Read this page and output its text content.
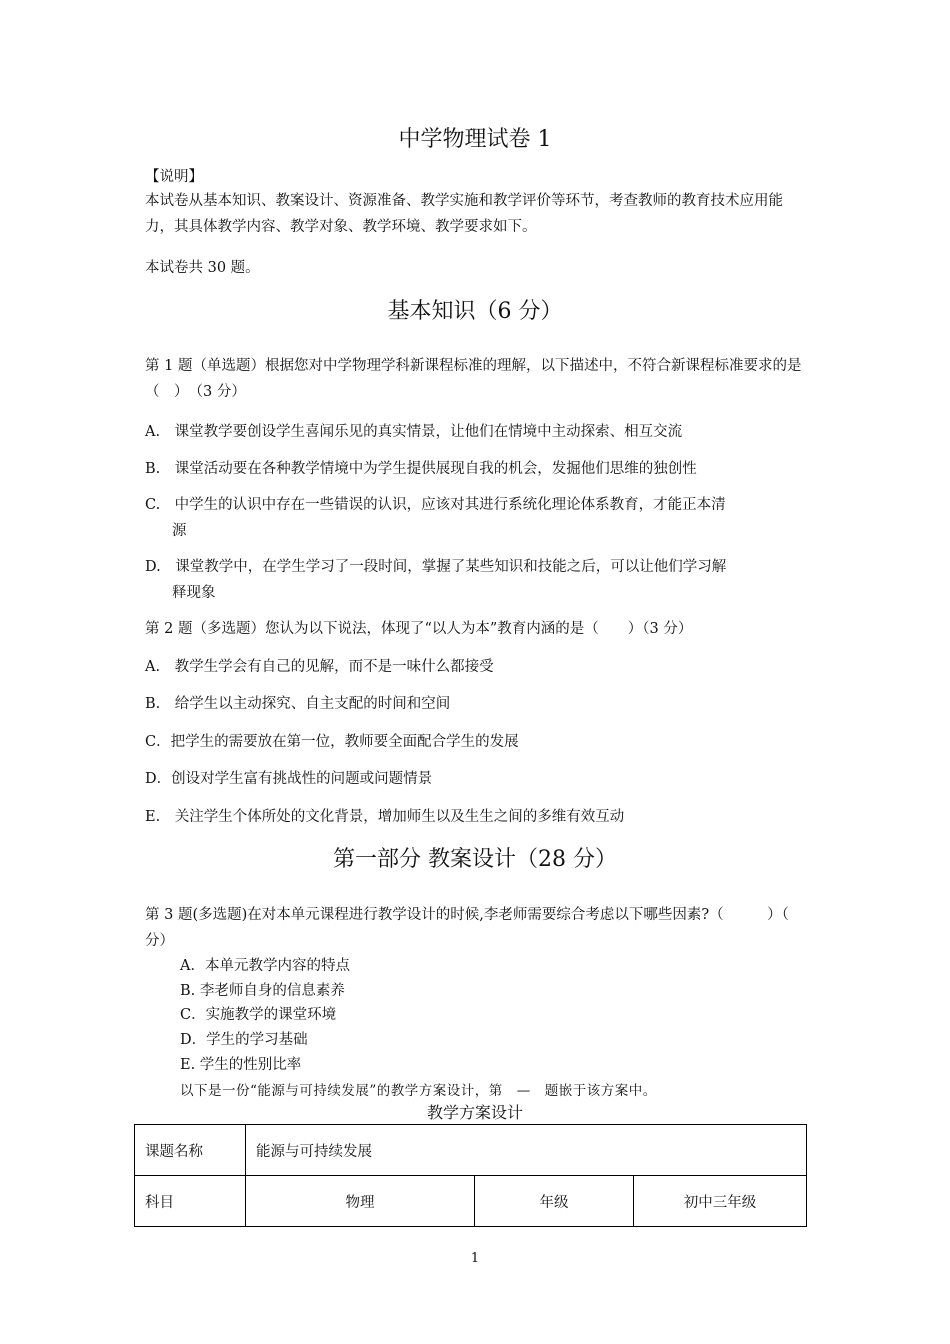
中学物理试卷 1
【说明】
本试卷从基本知识、教案设计、资源准备、教学实施和教学评价等环节，考查教师的教育技术应用能力，其具体教学内容、教学对象、教学环境、教学要求如下。
本试卷共 30 题。
基本知识（6 分）
第 1 题（单选题）根据您对中学物理学科新课程标准的理解，以下描述中，不符合新课程标准要求的是（　）　（3 分）
A.　课堂教学要创设学生喜闻乐见的真实情景，让他们在情境中主动探索、相互交流
B.　课堂活动要在各种教学情境中为学生提供展现自我的机会，发掘他们思维的独创性
C.　中学生的认识中存在一些错误的认识，应该对其进行系统化理论体系教育，才能正本清
源
D.　课堂教学中，在学生学习了一段时间，掌握了某些知识和技能之后，可以让他们学习解
释现象
第 2 题（多选题）您认为以下说法，体现了“以人为本”教育内涵的是（　　）（3 分）
A.　教学生学会有自己的见解，而不是一味什么都接受
B.　给学生以主动探究、自主支配的时间和空间
C．把学生的需要放在第一位，教师要全面配合学生的发展
D．创设对学生富有挑战性的问题或问题情景
E.　关注学生个体所处的文化背景，增加师生以及生生之间的多维有效互动
第一部分 教案设计（28 分）
第 3 题(多选题)在对本单元课程进行教学设计的时候,李老师需要综合考虑以下哪些因素?（　　　）（　分）
A．本单元教学内容的特点
B. 李老师自身的信息素养
C．实施教学的课堂环境
D．学生的学习基础
E. 学生的性别比率
以下是一份“能源与可持续发展”的教学方案设计，第　—　题嵌于该方案中。
教学方案设计
课题名称	能源与可持续发展		
科目	物理	年级	初中三年级
1
